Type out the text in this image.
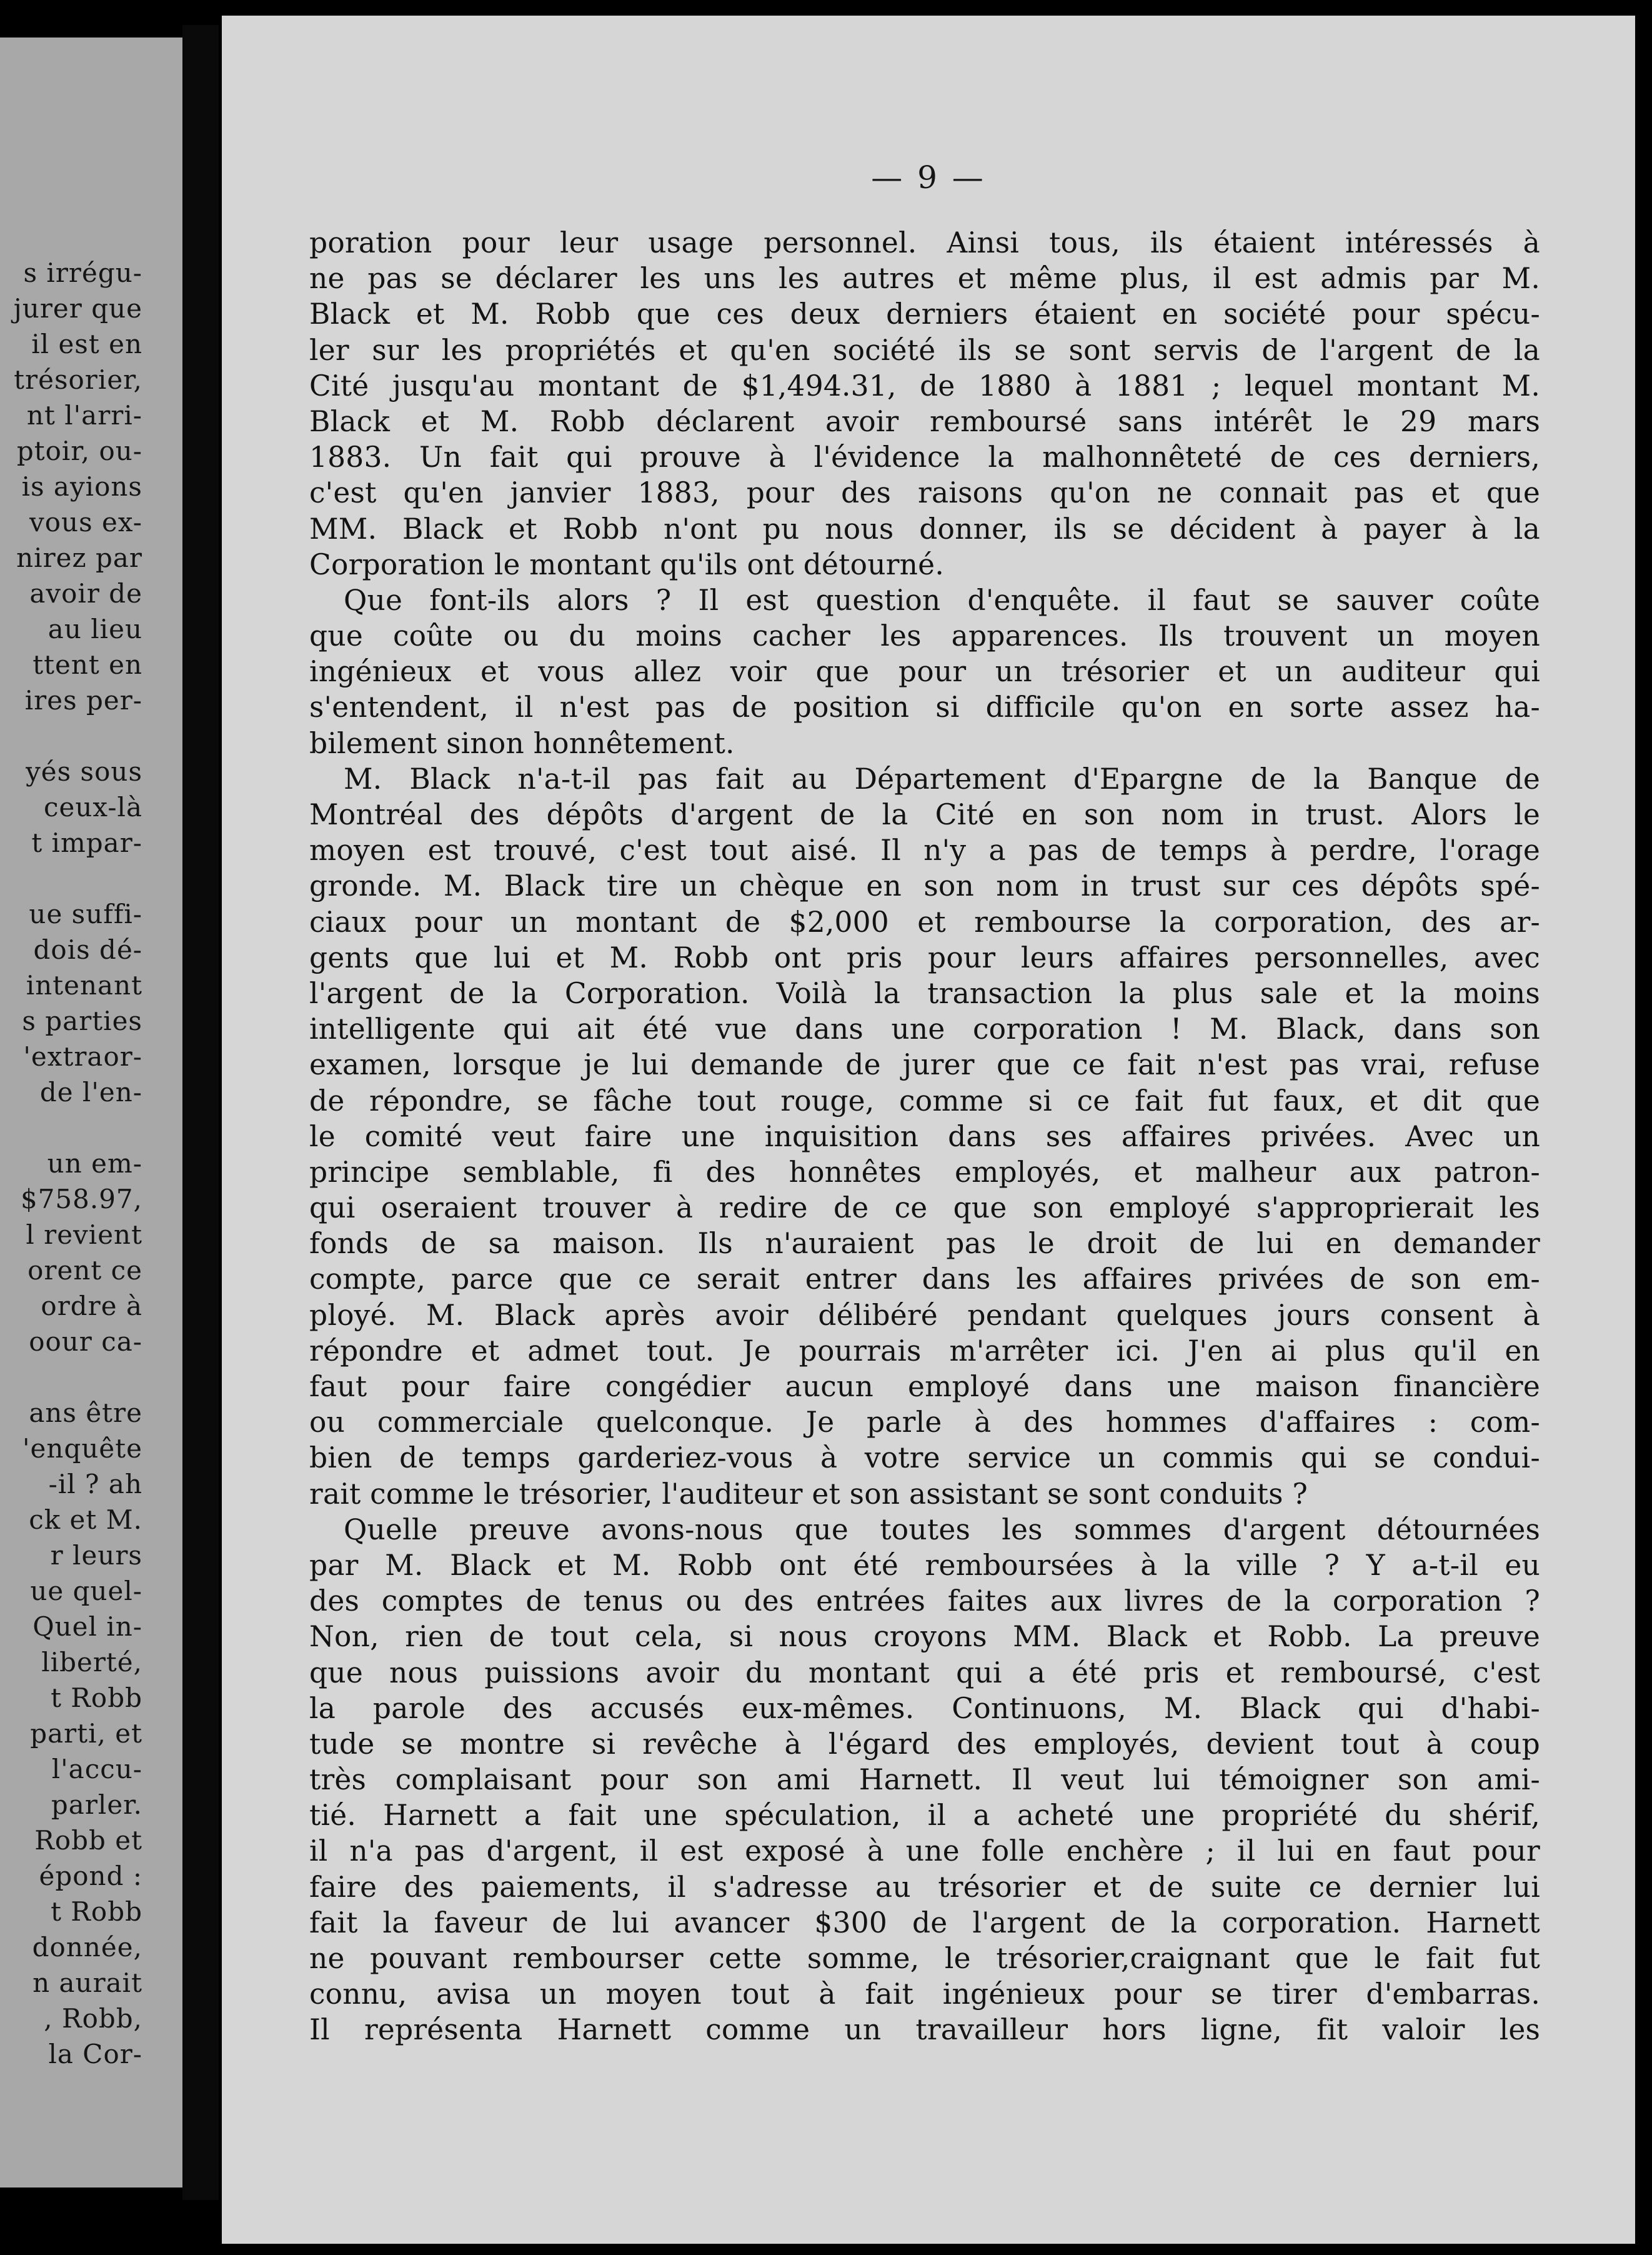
s irrégu-
jurer que
il est en
trésorier,
nt l'arri-
ptoir, ou-
is ayions
vous ex-
nirez par
avoir de
au lieu
ttent en
ires per-
yés sous
ceux-là
t impar-
ue suffi-
dois dé-
intenant
s parties
'extraor-
de l'en-
un em-
$758.97,
l revient
orent ce
ordre à
oour ca-
ans être
'enquête
-il ? ah
ck et M.
r leurs
ue quel-
Quel in-
liberté,
t Robb
parti, et
l'accu-
parler.
Robb et
épond :
t Robb
donnée,
n aurait
, Robb,
la Cor-
— 9 —
poration pour leur usage personnel. Ainsi tous, ils étaient intéressés à
ne pas se déclarer les uns les autres et même plus, il est admis par M.
Black et M. Robb que ces deux derniers étaient en société pour spécu-
ler sur les propriétés et qu'en société ils se sont servis de l'argent de la
Cité jusqu'au montant de $1,494.31, de 1880 à 1881 ; lequel montant M.
Black et M. Robb déclarent avoir remboursé sans intérêt le 29 mars
1883. Un fait qui prouve à l'évidence la malhonnêteté de ces derniers,
c'est qu'en janvier 1883, pour des raisons qu'on ne connait pas et que
MM. Black et Robb n'ont pu nous donner, ils se décident à payer à la
Corporation le montant qu'ils ont détourné.
Que font-ils alors ? Il est question d'enquête. il faut se sauver coûte
que coûte ou du moins cacher les apparences. Ils trouvent un moyen
ingénieux et vous allez voir que pour un trésorier et un auditeur qui
s'entendent, il n'est pas de position si difficile qu'on en sorte assez ha-
bilement sinon honnêtement.
M. Black n'a-t-il pas fait au Département d'Epargne de la Banque de
Montréal des dépôts d'argent de la Cité en son nom in trust. Alors le
moyen est trouvé, c'est tout aisé. Il n'y a pas de temps à perdre, l'orage
gronde. M. Black tire un chèque en son nom in trust sur ces dépôts spé-
ciaux pour un montant de $2,000 et rembourse la corporation, des ar-
gents que lui et M. Robb ont pris pour leurs affaires personnelles, avec
l'argent de la Corporation. Voilà la transaction la plus sale et la moins
intelligente qui ait été vue dans une corporation ! M. Black, dans son
examen, lorsque je lui demande de jurer que ce fait n'est pas vrai, refuse
de répondre, se fâche tout rouge, comme si ce fait fut faux, et dit que
le comité veut faire une inquisition dans ses affaires privées. Avec un
principe semblable, fi des honnêtes employés, et malheur aux patron-
qui oseraient trouver à redire de ce que son employé s'approprierait les
fonds de sa maison. Ils n'auraient pas le droit de lui en demander
compte, parce que ce serait entrer dans les affaires privées de son em-
ployé. M. Black après avoir délibéré pendant quelques jours consent à
répondre et admet tout. Je pourrais m'arrêter ici. J'en ai plus qu'il en
faut pour faire congédier aucun employé dans une maison financière
ou commerciale quelconque. Je parle à des hommes d'affaires : com-
bien de temps garderiez-vous à votre service un commis qui se condui-
rait comme le trésorier, l'auditeur et son assistant se sont conduits ?
Quelle preuve avons-nous que toutes les sommes d'argent détournées
par M. Black et M. Robb ont été remboursées à la ville ? Y a-t-il eu
des comptes de tenus ou des entrées faites aux livres de la corporation ?
Non, rien de tout cela, si nous croyons MM. Black et Robb. La preuve
que nous puissions avoir du montant qui a été pris et remboursé, c'est
la parole des accusés eux-mêmes. Continuons, M. Black qui d'habi-
tude se montre si revêche à l'égard des employés, devient tout à coup
très complaisant pour son ami Harnett. Il veut lui témoigner son ami-
tié. Harnett a fait une spéculation, il a acheté une propriété du shérif,
il n'a pas d'argent, il est exposé à une folle enchère ; il lui en faut pour
faire des paiements, il s'adresse au trésorier et de suite ce dernier lui
fait la faveur de lui avancer $300 de l'argent de la corporation. Harnett
ne pouvant rembourser cette somme, le trésorier,craignant que le fait fut
connu, avisa un moyen tout à fait ingénieux pour se tirer d'embarras.
Il représenta Harnett comme un travailleur hors ligne, fit valoir les
